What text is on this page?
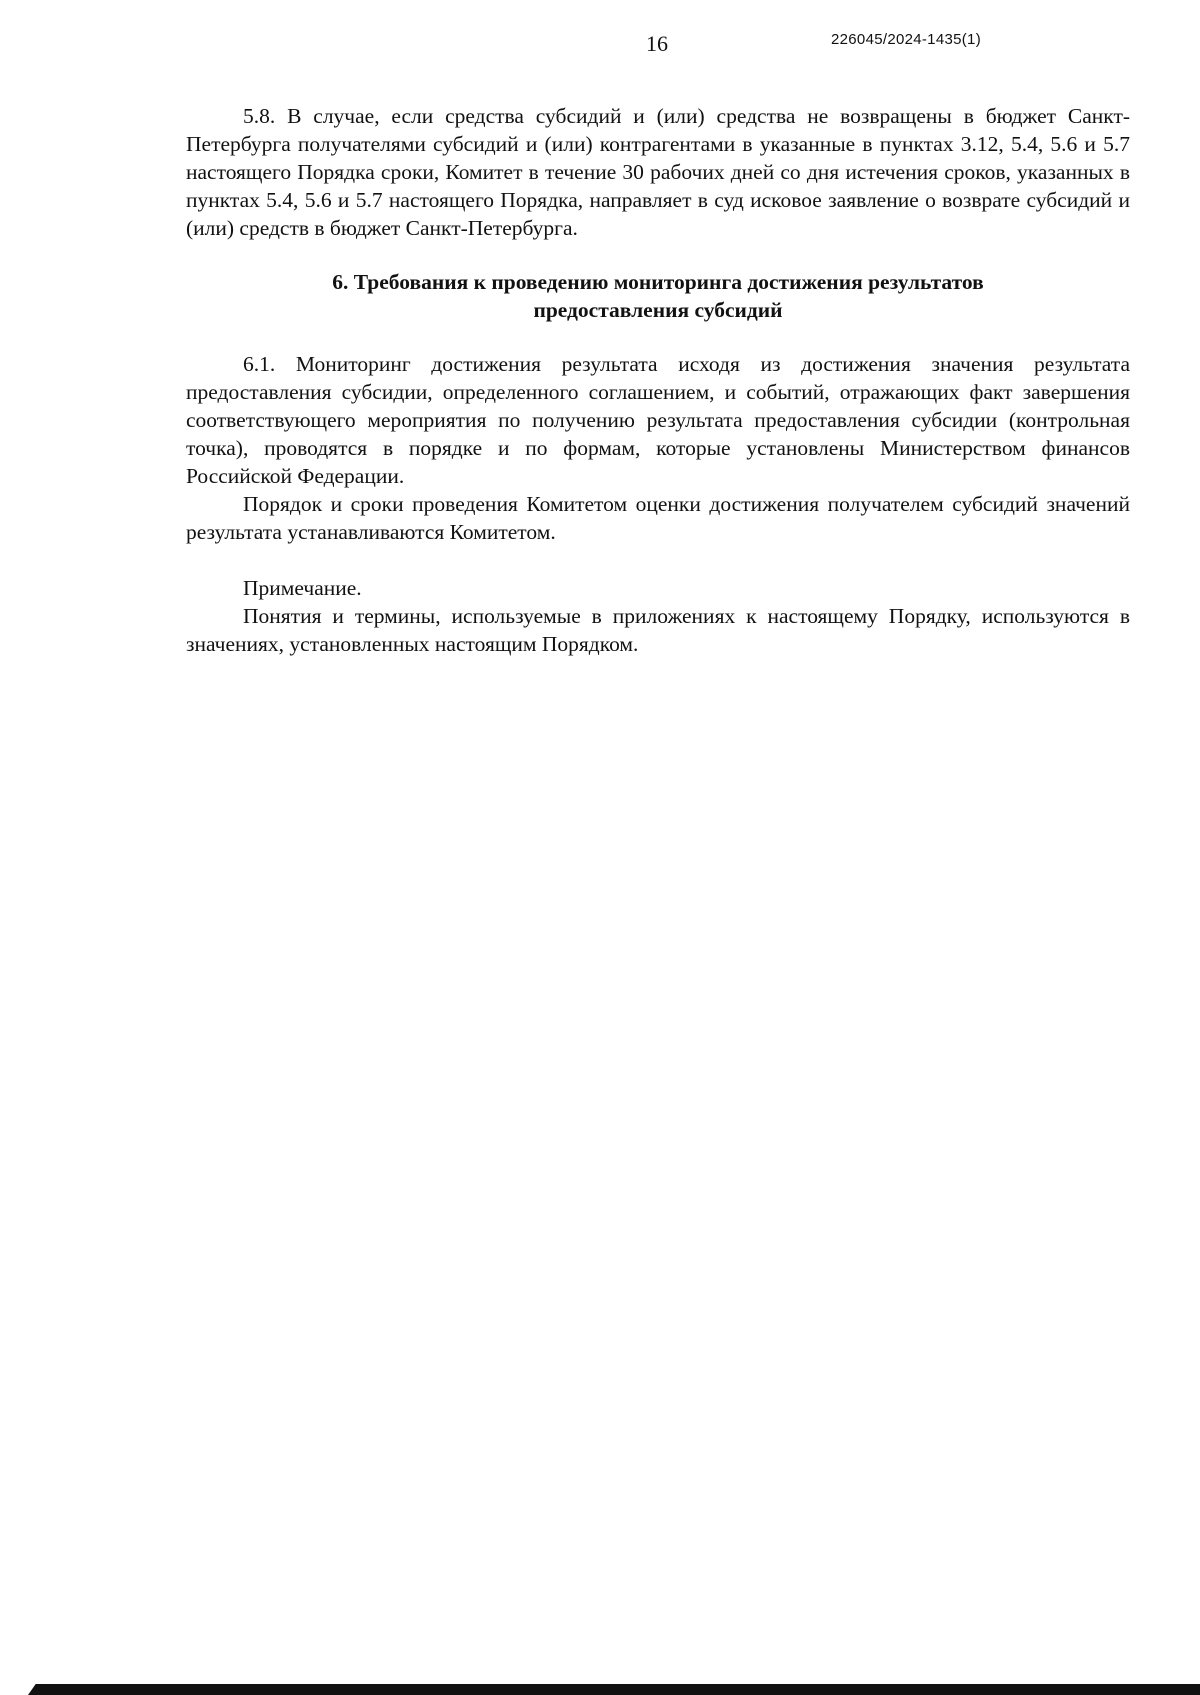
16	226045/2024-1435(1)

5.8. В случае, если средства субсидий и (или) средства не возвращены в бюджет Санкт-Петербурга получателями субсидий и (или) контрагентами в указанные в пунктах 3.12, 5.4, 5.6 и 5.7 настоящего Порядка сроки, Комитет в течение 30 рабочих дней со дня истечения сроков, указанных в пунктах 5.4, 5.6 и 5.7 настоящего Порядка, направляет в суд исковое заявление о возврате субсидий и (или) средств в бюджет Санкт-Петербурга.

6. Требования к проведению мониторинга достижения результатов
предоставления субсидий

6.1. Мониторинг достижения результата исходя из достижения значения результата предоставления субсидии, определенного соглашением, и событий, отражающих факт завершения соответствующего мероприятия по получению результата предоставления субсидии (контрольная точка), проводятся в порядке и по формам, которые установлены Министерством финансов Российской Федерации.

Порядок и сроки проведения Комитетом оценки достижения получателем субсидий значений результата устанавливаются Комитетом.

Примечание.

Понятия и термины, используемые в приложениях к настоящему Порядку, используются в значениях, установленных настоящим Порядком.
